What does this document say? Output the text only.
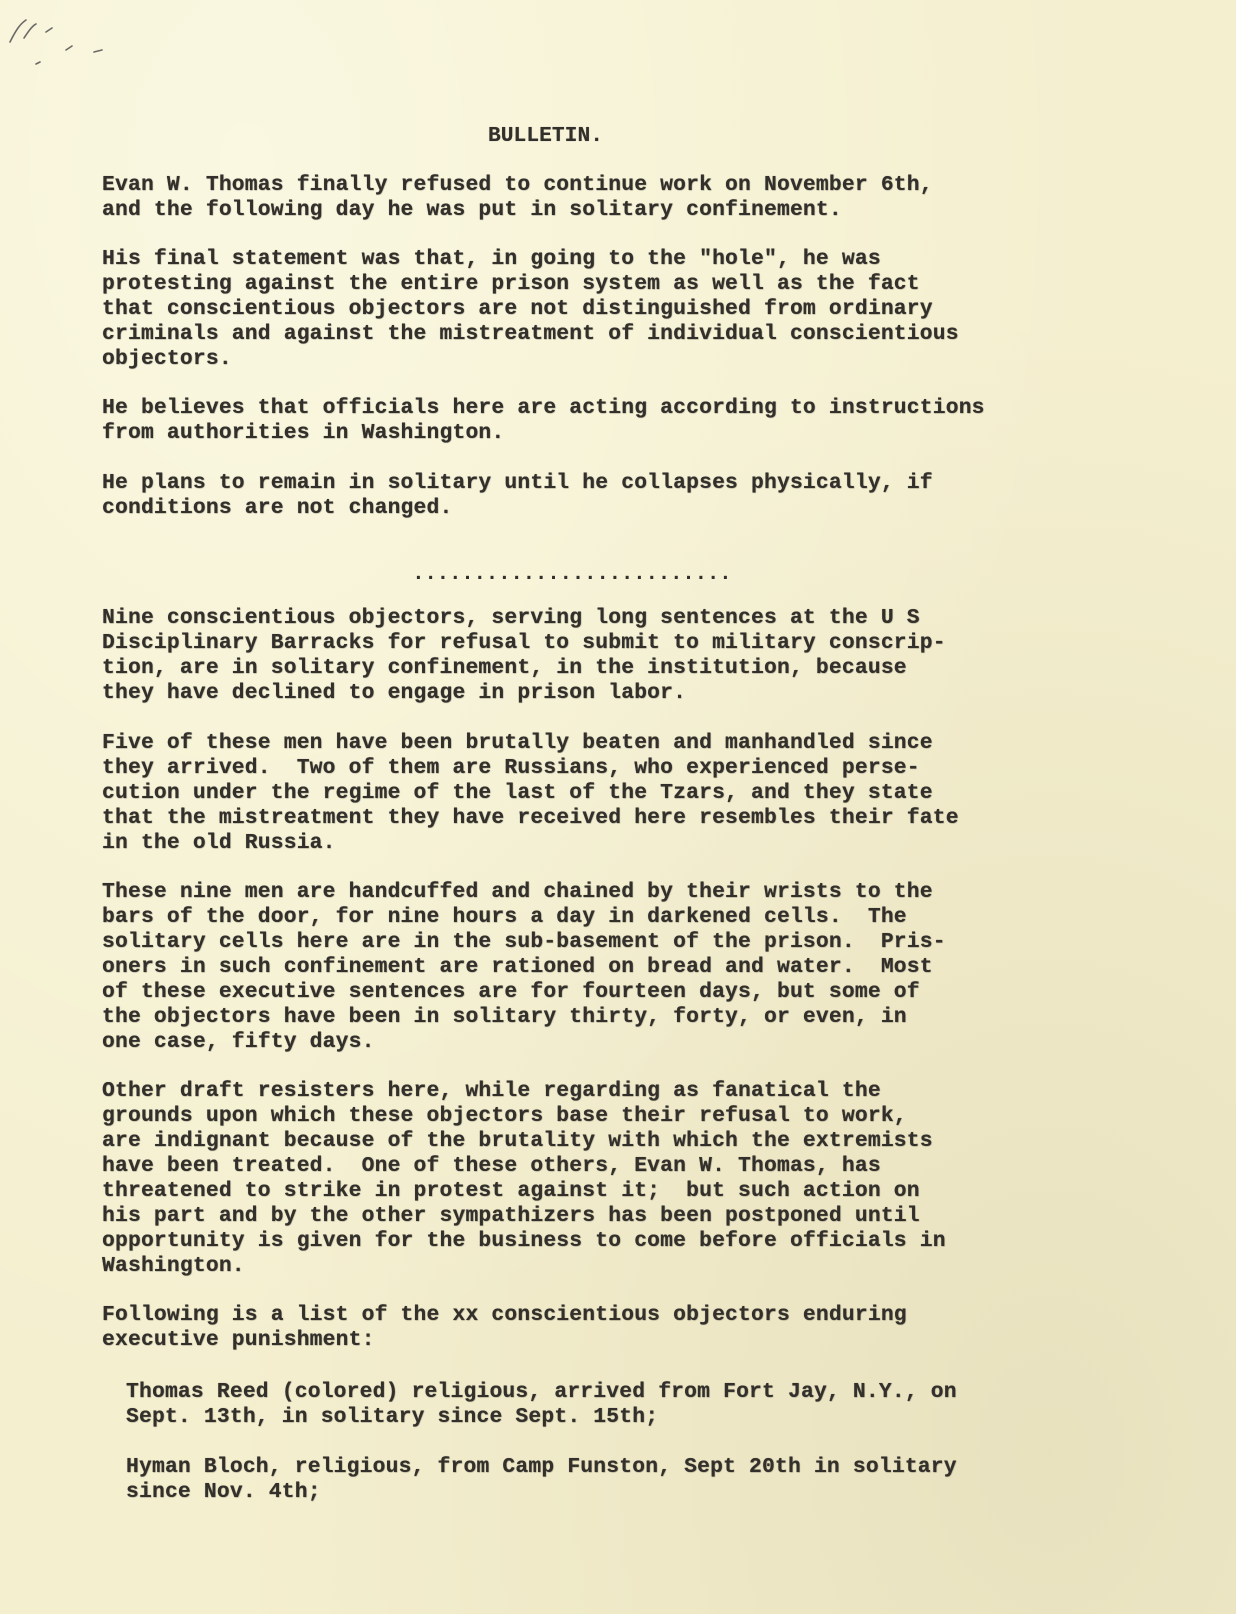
BULLETIN.
Evan W. Thomas finally refused to continue work on November 6th,
and the following day he was put in solitary confinement.
His final statement was that, in going to the "hole", he was
protesting against the entire prison system as well as the fact
that conscientious objectors are not distinguished from ordinary
criminals and against the mistreatment of individual conscientious
objectors.
He believes that officials here are acting according to instructions
from authorities in Washington.
He plans to remain in solitary until he collapses physically, if
conditions are not changed.
..........................
Nine conscientious objectors, serving long sentences at the U S
Disciplinary Barracks for refusal to submit to military conscrip-
tion, are in solitary confinement, in the institution, because
they have declined to engage in prison labor.
Five of these men have been brutally beaten and manhandled since
they arrived.  Two of them are Russians, who experienced perse-
cution under the regime of the last of the Tzars, and they state
that the mistreatment they have received here resembles their fate
in the old Russia.
These nine men are handcuffed and chained by their wrists to the
bars of the door, for nine hours a day in darkened cells.  The
solitary cells here are in the sub-basement of the prison.  Pris-
oners in such confinement are rationed on bread and water.  Most
of these executive sentences are for fourteen days, but some of
the objectors have been in solitary thirty, forty, or even, in
one case, fifty days.
Other draft resisters here, while regarding as fanatical the
grounds upon which these objectors base their refusal to work,
are indignant because of the brutality with which the extremists
have been treated.  One of these others, Evan W. Thomas, has
threatened to strike in protest against it;  but such action on
his part and by the other sympathizers has been postponed until
opportunity is given for the business to come before officials in
Washington.
Following is a list of the xx conscientious objectors enduring
executive punishment:
Thomas Reed (colored) religious, arrived from Fort Jay, N.Y., on
Sept. 13th, in solitary since Sept. 15th;
Hyman Bloch, religious, from Camp Funston, Sept 20th in solitary
since Nov. 4th;
